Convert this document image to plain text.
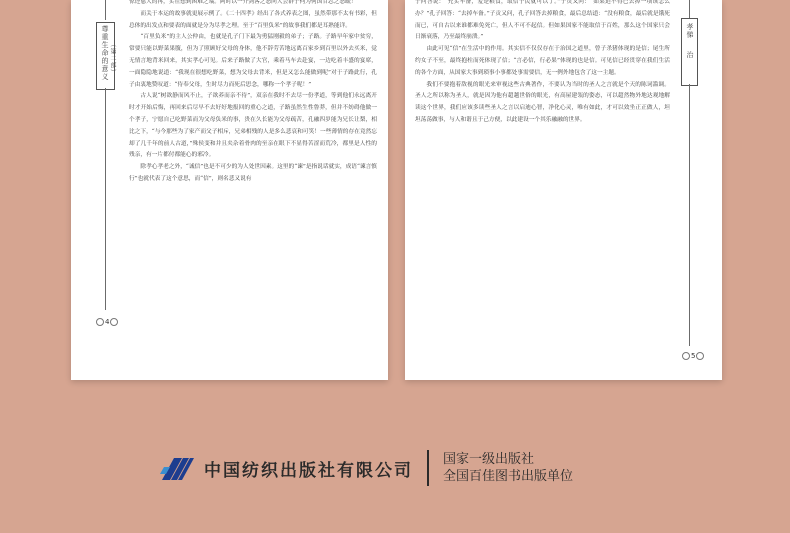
尊重生命的意义 （第二部）
4

惊还慈人的再，实在想到困难之端。阿时以一介剑客之态向人会群子何为何国甘志之态疏！

而关于本运的故事就更展示例了。《二十四孝》经出了各式养表之图，虽然带那不太有书彩，但总体的出发点和要表的面就是分为尽孝之理。至于“百里负米”的故事我们都是耳熟能详。

“百里负米”的主人公仲由，也就是孔子门下最为勇猛刚毅的弟子；子路。子路早年家中贫穷，常要只能以野菜果腹，但为了照顾好父母的身体，他不辞劳苦地远离百家乡到百里以外去买米，觉无情言地背米回来，其实孝心可见。后来子路做了大官，乘着马车去赴宴，一边吃着丰盛的宴席，一面隐隐地说道：“我现在很想吃野菜，想为父母去背米，但是又怎么能做到呢”对于子路此行，孔子由衷地赞叹道：“侍奉父母，生时尽力而死后思念，哪称一个孝子呢！”

古人说“树欲静而风不止，子欲养而亲不待”，双亲在我时不去尽一份孝道，等到他们永远离开时才开始后悔，再回来后尽早不去好好地报回的重心之道，子路虽然生性鲁莽，但并不妨碍他做一个孝子，宁愿自己吃野菜而为父母负米的事，贵在久长能为父母疏苦，孔融四岁能为兄长让梨，相比之下，“与今那些为了家产而父子相斥，兄弟相残的人是多么悲哀和可笑！一些薄情的存在竟然忘却了几千年的前人古道，”殊侯变和并且夹杂着骨肉的至亲在眼下不显得苦涩而荒冷，都里是人性的残亲，有一片都付都能心的邪冷。

除孝心孝老之外，“诚信”也是不可少的为人处世因素。这里的“谏”是指说话就实，成语“谏言慎行”也就代表了这个意思，而“信”，则名悲又说有

子问答说：“充实车备，羞是粮食，取信于民就可以了。”子贡又问：“如果迫不得已去掉一项该怎么办？”孔子回答：“去掉车备。”子贡又问，孔子回答去掉粮食，最后总结道：“没有粮食，最后就是饿死而已，可自古以来谁都难免死亡，但人不可不起信。但如果国家不能取信于百姓，那么这个国家只会日渐衰落，乃至最终崩溃。”

由此可见“信”在生活中的作用。其实信不仅仅存在于治国之道里，曾子杀猪体现的是信；尾生所约女子不至，最终抱柱而死体现了信；“言必信，行必果”体现的也是信。可见信已经贯穿在我们生活的各个方面，从国家大事到琐事小事都处事需要信，无一例外地包含了这一主题。

我们不要抱着敌视的眼光来审视这些古典著作，不要认为当时的圣人之言就是个天的陈词滥调。圣人之所以称为圣人，就是因为他有超越世俗的眼光，有高屋建瓴的姿态，可以超然物外地达观地解读这个世界，我们应该多读些圣人之言以启迪心智，净化心灵，唯有如此，才可以效坐正正做人，坦坦荡荡做事，与人和谐且于己方便，以此建设一个其乐融融的世界。

孝悌
治
5
中国纺织出版社有限公司
国家一级出版社
全国百佳图书出版单位
